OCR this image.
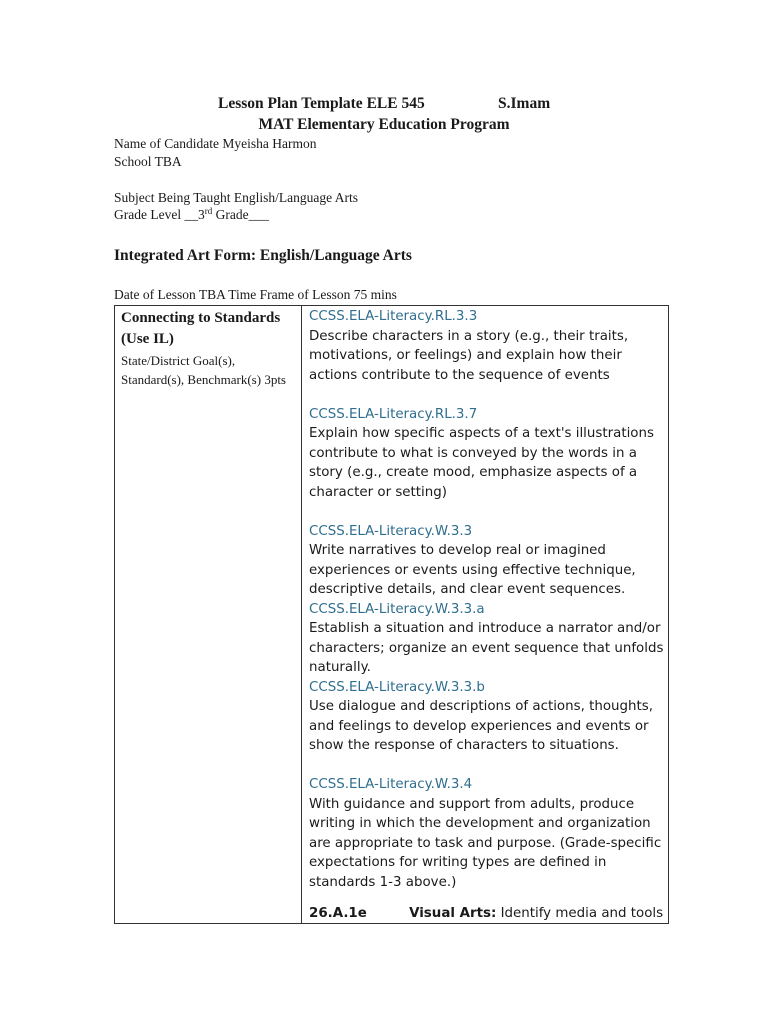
Lesson Plan Template ELE 545	S.Imam
MAT Elementary Education Program
Name of Candidate Myeisha Harmon
School TBA
Subject Being Taught English/Language Arts
Grade Level __3rd Grade___
Integrated Art Form: English/Language Arts
Date of Lesson TBA Time Frame of Lesson 75 mins
Connecting to Standards (Use IL)
State/District Goal(s), Standard(s), Benchmark(s) 3pts
CCSS.ELA-Literacy.RL.3.3
Describe characters in a story (e.g., their traits, motivations, or feelings) and explain how their actions contribute to the sequence of events
CCSS.ELA-Literacy.RL.3.7
Explain how specific aspects of a text's illustrations contribute to what is conveyed by the words in a story (e.g., create mood, emphasize aspects of a character or setting)
CCSS.ELA-Literacy.W.3.3
Write narratives to develop real or imagined experiences or events using effective technique, descriptive details, and clear event sequences.
CCSS.ELA-Literacy.W.3.3.a
Establish a situation and introduce a narrator and/or characters; organize an event sequence that unfolds naturally.
CCSS.ELA-Literacy.W.3.3.b
Use dialogue and descriptions of actions, thoughts, and feelings to develop experiences and events or show the response of characters to situations.
CCSS.ELA-Literacy.W.3.4
With guidance and support from adults, produce writing in which the development and organization are appropriate to task and purpose. (Grade-specific expectations for writing types are defined in standards 1-3 above.)
26.A.1e	Visual Arts: Identify media and tools
